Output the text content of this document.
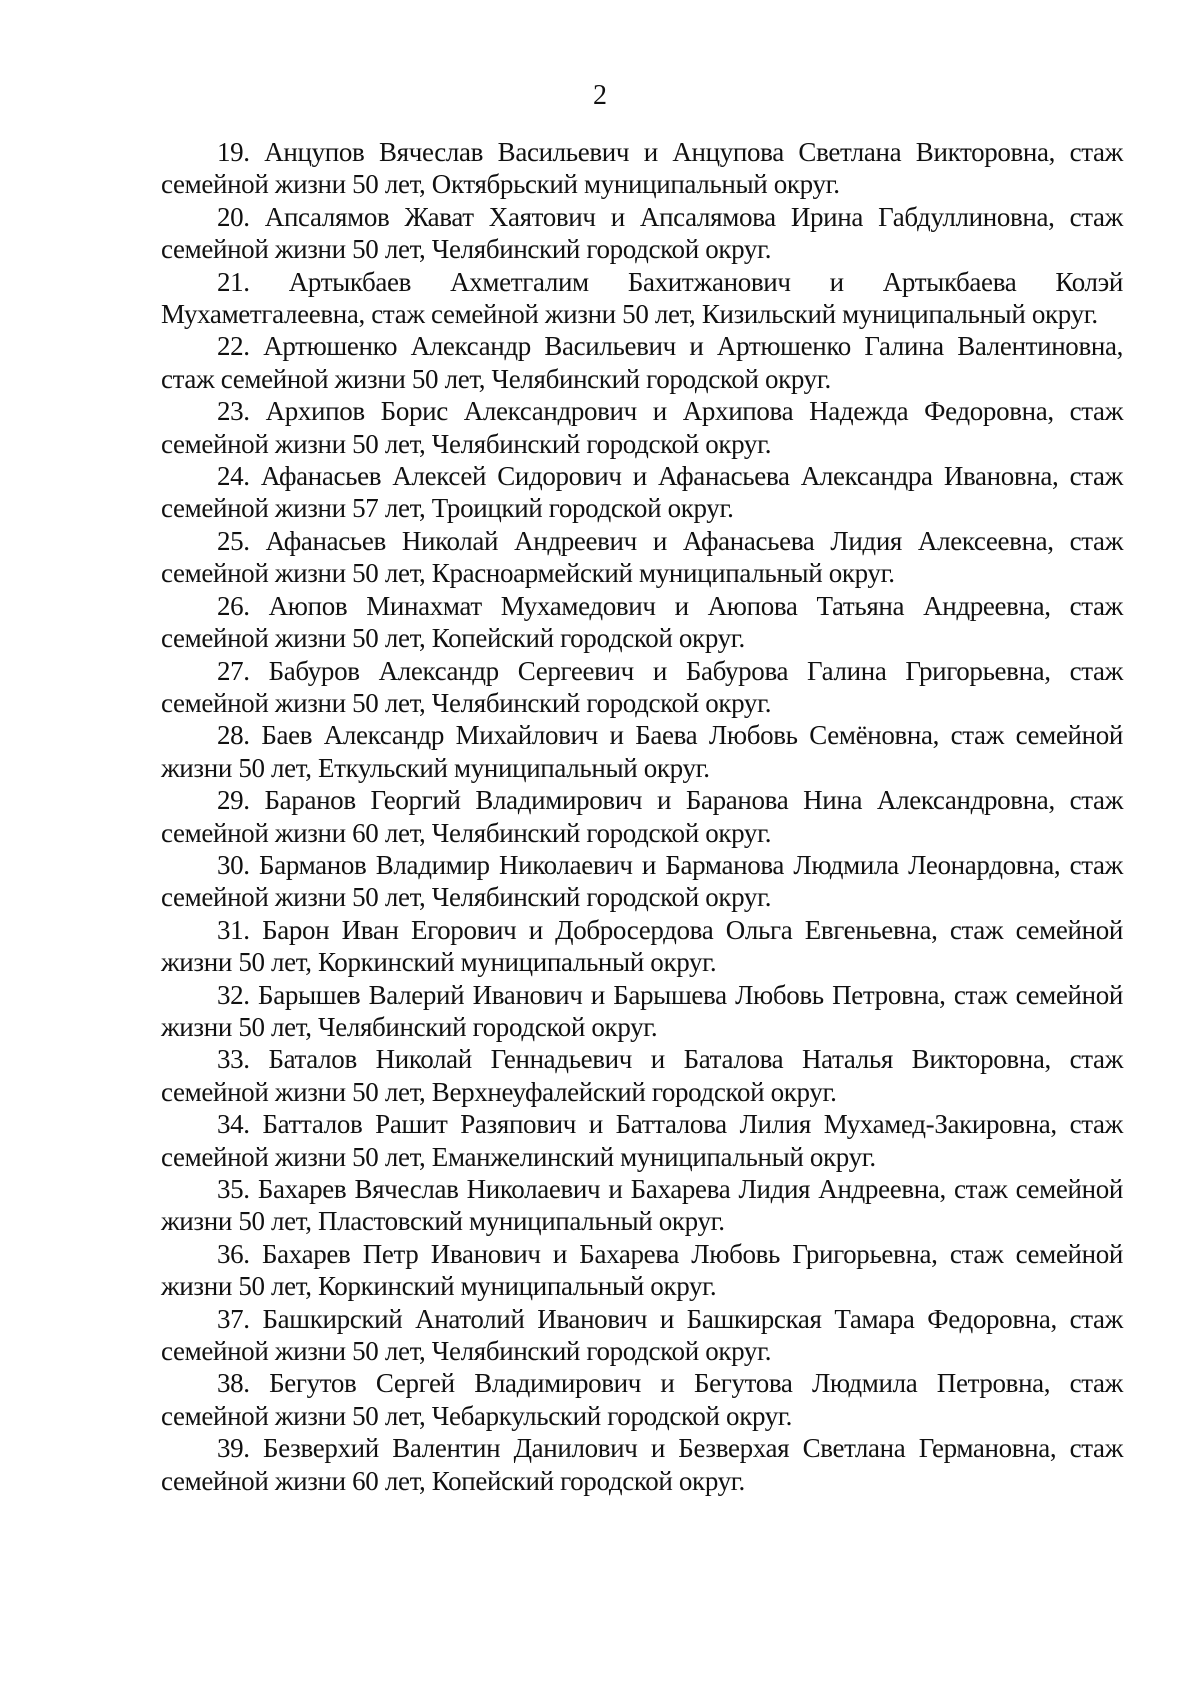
2

19. Анцупов Вячеслав Васильевич и Анцупова Светлана Викторовна, стаж семейной жизни 50 лет, Октябрьский муниципальный округ.

20. Апсалямов Жават Хаятович и Апсалямова Ирина Габдуллиновна, стаж семейной жизни 50 лет, Челябинский городской округ.

21. Артыкбаев Ахметгалим Бахитжанович и Артыкбаева Колэй Мухаметгалеевна, стаж семейной жизни 50 лет, Кизильский муниципальный округ.

22. Артюшенко Александр Васильевич и Артюшенко Галина Валентиновна, стаж семейной жизни 50 лет, Челябинский городской округ.

23. Архипов Борис Александрович и Архипова Надежда Федоровна, стаж семейной жизни 50 лет, Челябинский городской округ.

24. Афанасьев Алексей Сидорович и Афанасьева Александра Ивановна, стаж семейной жизни 57 лет, Троицкий городской округ.

25. Афанасьев Николай Андреевич и Афанасьева Лидия Алексеевна, стаж семейной жизни 50 лет, Красноармейский муниципальный округ.

26. Аюпов Минахмат Мухамедович и Аюпова Татьяна Андреевна, стаж семейной жизни 50 лет, Копейский городской округ.

27. Бабуров Александр Сергеевич и Бабурова Галина Григорьевна, стаж семейной жизни 50 лет, Челябинский городской округ.

28. Баев Александр Михайлович и Баева Любовь Семёновна, стаж семейной жизни 50 лет, Еткульский муниципальный округ.

29. Баранов Георгий Владимирович и Баранова Нина Александровна, стаж семейной жизни 60 лет, Челябинский городской округ.

30. Барманов Владимир Николаевич и Барманова Людмила Леонардовна, стаж семейной жизни 50 лет, Челябинский городской округ.

31. Барон Иван Егорович и Добросердова Ольга Евгеньевна, стаж семейной жизни 50 лет, Коркинский муниципальный округ.

32. Барышев Валерий Иванович и Барышева Любовь Петровна, стаж семейной жизни 50 лет, Челябинский городской округ.

33. Баталов Николай Геннадьевич и Баталова Наталья Викторовна, стаж семейной жизни 50 лет, Верхнеуфалейский городской округ.

34. Батталов Рашит Разяпович и Батталова Лилия Мухамед-Закировна, стаж семейной жизни 50 лет, Еманжелинский муниципальный округ.

35. Бахарев Вячеслав Николаевич и Бахарева Лидия Андреевна, стаж семейной жизни 50 лет, Пластовский муниципальный округ.

36. Бахарев Петр Иванович и Бахарева Любовь Григорьевна, стаж семейной жизни 50 лет, Коркинский муниципальный округ.

37. Башкирский Анатолий Иванович и Башкирская Тамара Федоровна, стаж семейной жизни 50 лет, Челябинский городской округ.

38. Бегутов Сергей Владимирович и Бегутова Людмила Петровна, стаж семейной жизни 50 лет, Чебаркульский городской округ.

39. Безверхий Валентин Данилович и Безверхая Светлана Германовна, стаж семейной жизни 60 лет, Копейский городской округ.
